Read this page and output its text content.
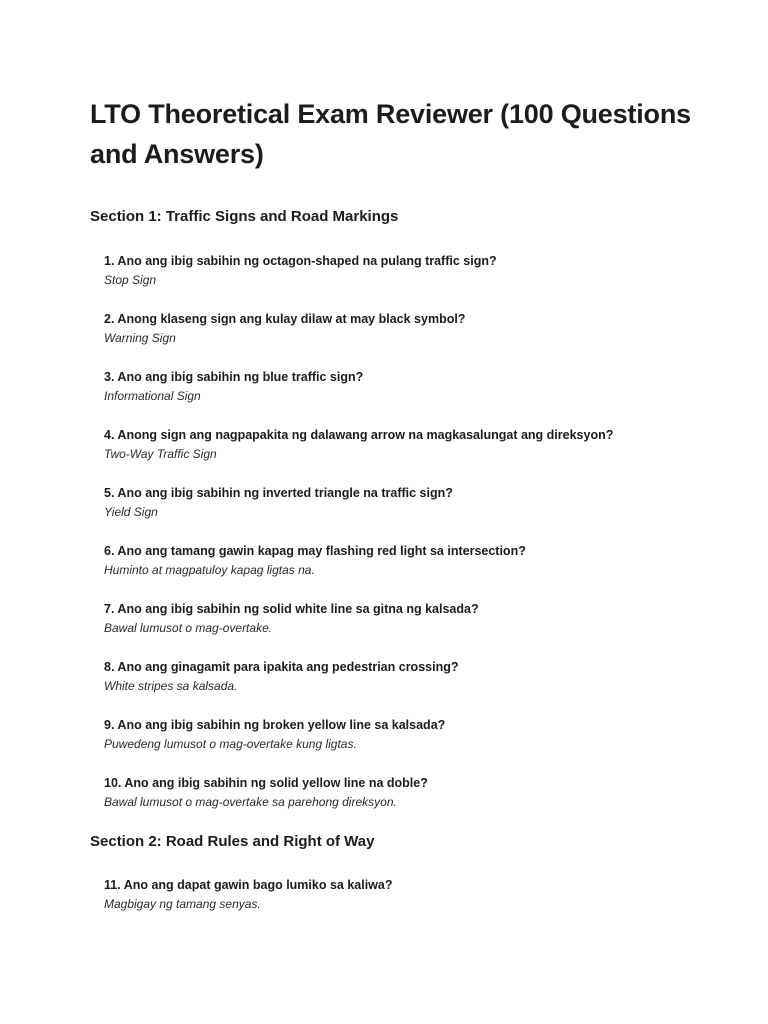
LTO Theoretical Exam Reviewer (100 Questions and Answers)
Section 1: Traffic Signs and Road Markings
1. Ano ang ibig sabihin ng octagon-shaped na pulang traffic sign?
Stop Sign
2. Anong klaseng sign ang kulay dilaw at may black symbol?
Warning Sign
3. Ano ang ibig sabihin ng blue traffic sign?
Informational Sign
4. Anong sign ang nagpapakita ng dalawang arrow na magkasalungat ang direksyon?
Two-Way Traffic Sign
5. Ano ang ibig sabihin ng inverted triangle na traffic sign?
Yield Sign
6. Ano ang tamang gawin kapag may flashing red light sa intersection?
Huminto at magpatuloy kapag ligtas na.
7. Ano ang ibig sabihin ng solid white line sa gitna ng kalsada?
Bawal lumusot o mag-overtake.
8. Ano ang ginagamit para ipakita ang pedestrian crossing?
White stripes sa kalsada.
9. Ano ang ibig sabihin ng broken yellow line sa kalsada?
Puwedeng lumusot o mag-overtake kung ligtas.
10. Ano ang ibig sabihin ng solid yellow line na doble?
Bawal lumusot o mag-overtake sa parehong direksyon.
Section 2: Road Rules and Right of Way
11. Ano ang dapat gawin bago lumiko sa kaliwa?
Magbigay ng tamang senyas.
